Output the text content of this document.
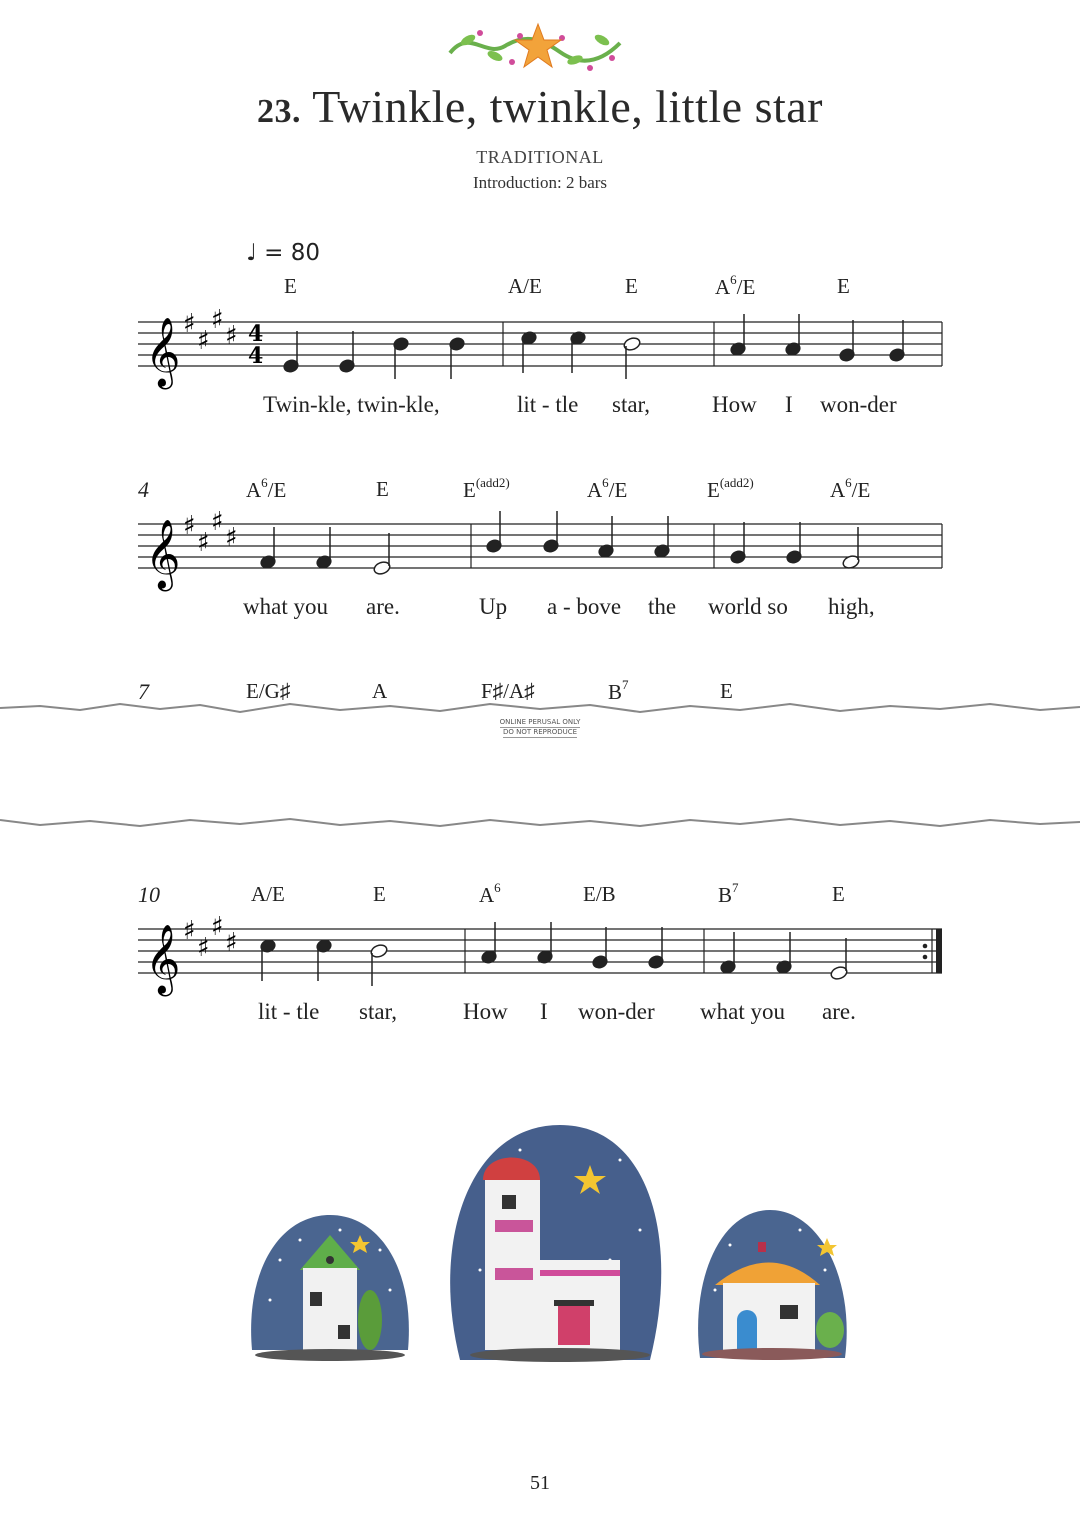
23. Twinkle, twinkle, little star
TRADITIONAL
Introduction: 2 bars
♩ = 80
E	A/E	E	$A^6/E$	E
𝄞 ♯
♯
♯
♯ 4
4
Twin-kle, twin-kle,	lit - tle star,	How I won-der
4	$A^6/E$	E	$E^{(add2)}$	$A^6/E$	$E^{(add2)}$	$A^6/E$
𝄞 ♯
♯
♯
♯
what you are.	Up a - bove the world so high,
7	E/G♯	A	F♯/A♯	$B^7$	E
ONLINE PERUSAL ONLY
DO NOT REPRODUCE
10	A/E	E	$A^6$	E/B	$B^7$	E
𝄞 ♯
♯
♯
♯
lit - tle star,	How I won-der what you are.
51
